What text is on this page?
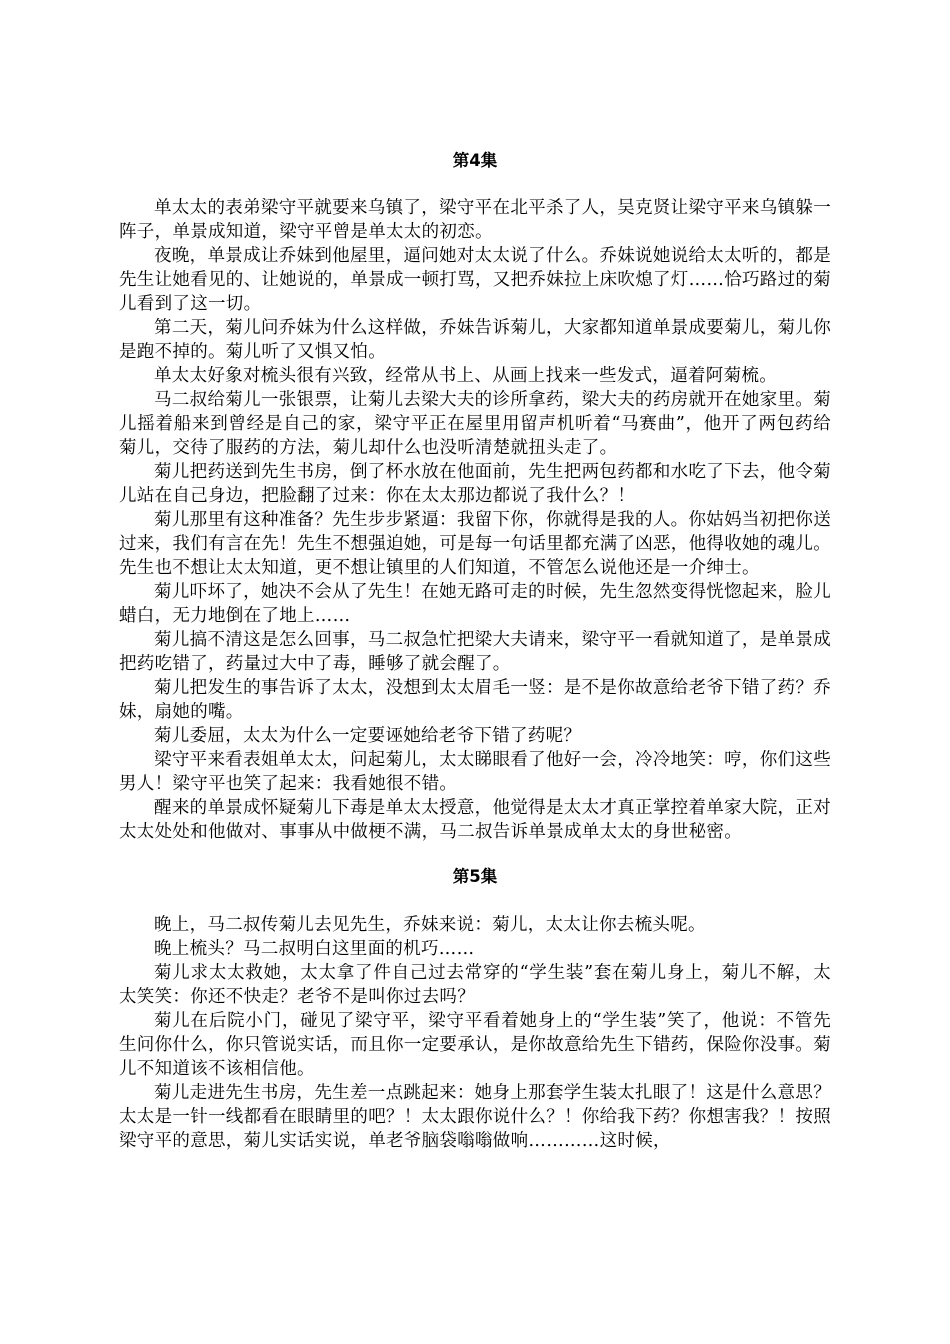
第4集

单太太的表弟梁守平就要来乌镇了，梁守平在北平杀了人，吴克贤让梁守平来乌镇躲一阵子，单景成知道，梁守平曾是单太太的初恋。

夜晚，单景成让乔妹到他屋里，逼问她对太太说了什么。乔妹说她说给太太听的，都是先生让她看见的、让她说的，单景成一顿打骂，又把乔妹拉上床吹熄了灯……恰巧路过的菊儿看到了这一切。

第二天，菊儿问乔妹为什么这样做，乔妹告诉菊儿，大家都知道单景成要菊儿，菊儿你是跑不掉的。菊儿听了又惧又怕。

单太太好象对梳头很有兴致，经常从书上、从画上找来一些发式，逼着阿菊梳。

马二叔给菊儿一张银票，让菊儿去梁大夫的诊所拿药，梁大夫的药房就开在她家里。菊儿摇着船来到曾经是自己的家，梁守平正在屋里用留声机听着“马赛曲”，他开了两包药给菊儿，交待了服药的方法，菊儿却什么也没听清楚就扭头走了。

菊儿把药送到先生书房，倒了杯水放在他面前，先生把两包药都和水吃了下去，他令菊儿站在自己身边，把脸翻了过来：你在太太那边都说了我什么？！

菊儿那里有这种准备？先生步步紧逼：我留下你，你就得是我的人。你姑妈当初把你送过来，我们有言在先！先生不想强迫她，可是每一句话里都充满了凶恶，他得收她的魂儿。先生也不想让太太知道，更不想让镇里的人们知道，不管怎么说他还是一介绅士。

菊儿吓坏了，她决不会从了先生！在她无路可走的时候，先生忽然变得恍惚起来，脸儿蜡白，无力地倒在了地上……

菊儿搞不清这是怎么回事，马二叔急忙把梁大夫请来，梁守平一看就知道了，是单景成把药吃错了，药量过大中了毒，睡够了就会醒了。

菊儿把发生的事告诉了太太，没想到太太眉毛一竖：是不是你故意给老爷下错了药？乔妹，扇她的嘴。

菊儿委屈，太太为什么一定要诬她给老爷下错了药呢？

梁守平来看表姐单太太，问起菊儿，太太睇眼看了他好一会，冷冷地笑：哼，你们这些男人！梁守平也笑了起来：我看她很不错。

醒来的单景成怀疑菊儿下毒是单太太授意，他觉得是太太才真正掌控着单家大院，正对太太处处和他做对、事事从中做梗不满，马二叔告诉单景成单太太的身世秘密。

第5集

晚上，马二叔传菊儿去见先生，乔妹来说：菊儿，太太让你去梳头呢。

晚上梳头？马二叔明白这里面的机巧……

菊儿求太太救她，太太拿了件自己过去常穿的“学生装”套在菊儿身上，菊儿不解，太太笑笑：你还不快走？老爷不是叫你过去吗？

菊儿在后院小门，碰见了梁守平，梁守平看着她身上的“学生装”笑了，他说：不管先生问你什么，你只管说实话，而且你一定要承认，是你故意给先生下错药，保险你没事。菊儿不知道该不该相信他。

菊儿走进先生书房，先生差一点跳起来：她身上那套学生装太扎眼了！这是什么意思？太太是一针一线都看在眼睛里的吧？！太太跟你说什么？！你给我下药？你想害我？！按照梁守平的意思，菊儿实话实说，单老爷脑袋嗡嗡做响…………这时候，
